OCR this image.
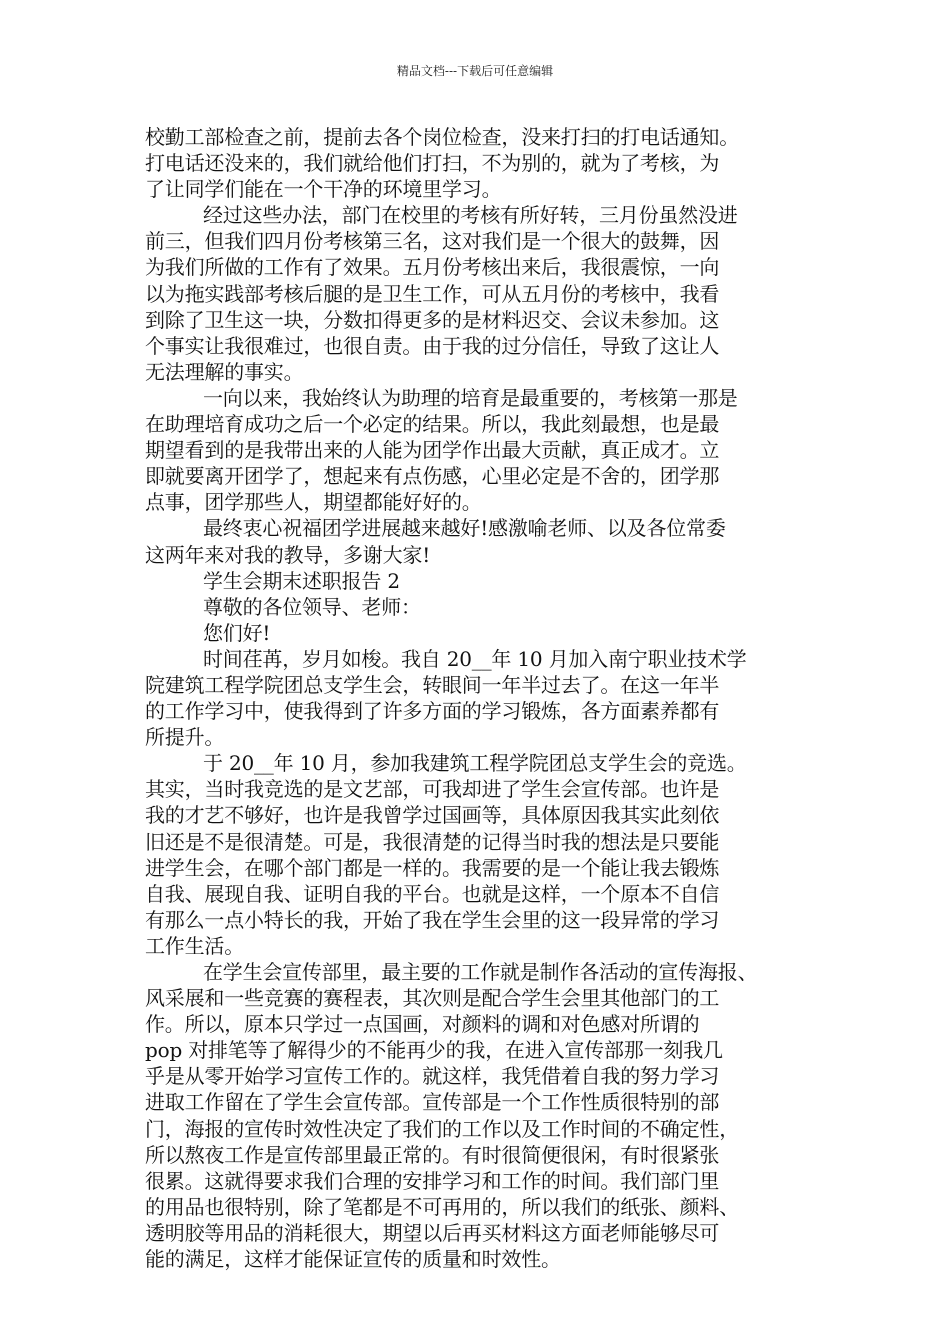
精品文档---下载后可任意编辑
校勤工部检查之前，提前去各个岗位检查，没来打扫的打电话通知。
打电话还没来的，我们就给他们打扫，不为别的，就为了考核，为
了让同学们能在一个干净的环境里学习。
经过这些办法，部门在校里的考核有所好转，三月份虽然没进
前三，但我们四月份考核第三名，这对我们是一个很大的鼓舞，因
为我们所做的工作有了效果。五月份考核出来后，我很震惊，一向
以为拖实践部考核后腿的是卫生工作，可从五月份的考核中，我看
到除了卫生这一块，分数扣得更多的是材料迟交、会议未参加。这
个事实让我很难过，也很自责。由于我的过分信任，导致了这让人
无法理解的事实。
一向以来，我始终认为助理的培育是最重要的，考核第一那是
在助理培育成功之后一个必定的结果。所以，我此刻最想，也是最
期望看到的是我带出来的人能为团学作出最大贡献，真正成才。立
即就要离开团学了，想起来有点伤感，心里必定是不舍的，团学那
点事，团学那些人，期望都能好好的。
最终衷心祝福团学进展越来越好!感激喻老师、以及各位常委
这两年来对我的教导，多谢大家!
学生会期末述职报告 2
尊敬的各位领导、老师：
您们好!
时间荏苒，岁月如梭。我自 20__年 10 月加入南宁职业技术学
院建筑工程学院团总支学生会，转眼间一年半过去了。在这一年半
的工作学习中，使我得到了许多方面的学习锻炼，各方面素养都有
所提升。
于 20__年 10 月，参加我建筑工程学院团总支学生会的竞选。
其实，当时我竞选的是文艺部，可我却进了学生会宣传部。也许是
我的才艺不够好，也许是我曾学过国画等，具体原因我其实此刻依
旧还是不是很清楚。可是，我很清楚的记得当时我的想法是只要能
进学生会，在哪个部门都是一样的。我需要的是一个能让我去锻炼
自我、展现自我、证明自我的平台。也就是这样，一个原本不自信
有那么一点小特长的我，开始了我在学生会里的这一段异常的学习
工作生活。
在学生会宣传部里，最主要的工作就是制作各活动的宣传海报、
风采展和一些竞赛的赛程表，其次则是配合学生会里其他部门的工
作。所以，原本只学过一点国画，对颜料的调和对色感对所谓的
pop 对排笔等了解得少的不能再少的我，在进入宣传部那一刻我几
乎是从零开始学习宣传工作的。就这样，我凭借着自我的努力学习
进取工作留在了学生会宣传部。宣传部是一个工作性质很特别的部
门，海报的宣传时效性决定了我们的工作以及工作时间的不确定性，
所以熬夜工作是宣传部里最正常的。有时很简便很闲，有时很紧张
很累。这就得要求我们合理的安排学习和工作的时间。我们部门里
的用品也很特别，除了笔都是不可再用的，所以我们的纸张、颜料、
透明胶等用品的消耗很大，期望以后再买材料这方面老师能够尽可
能的满足，这样才能保证宣传的质量和时效性。
